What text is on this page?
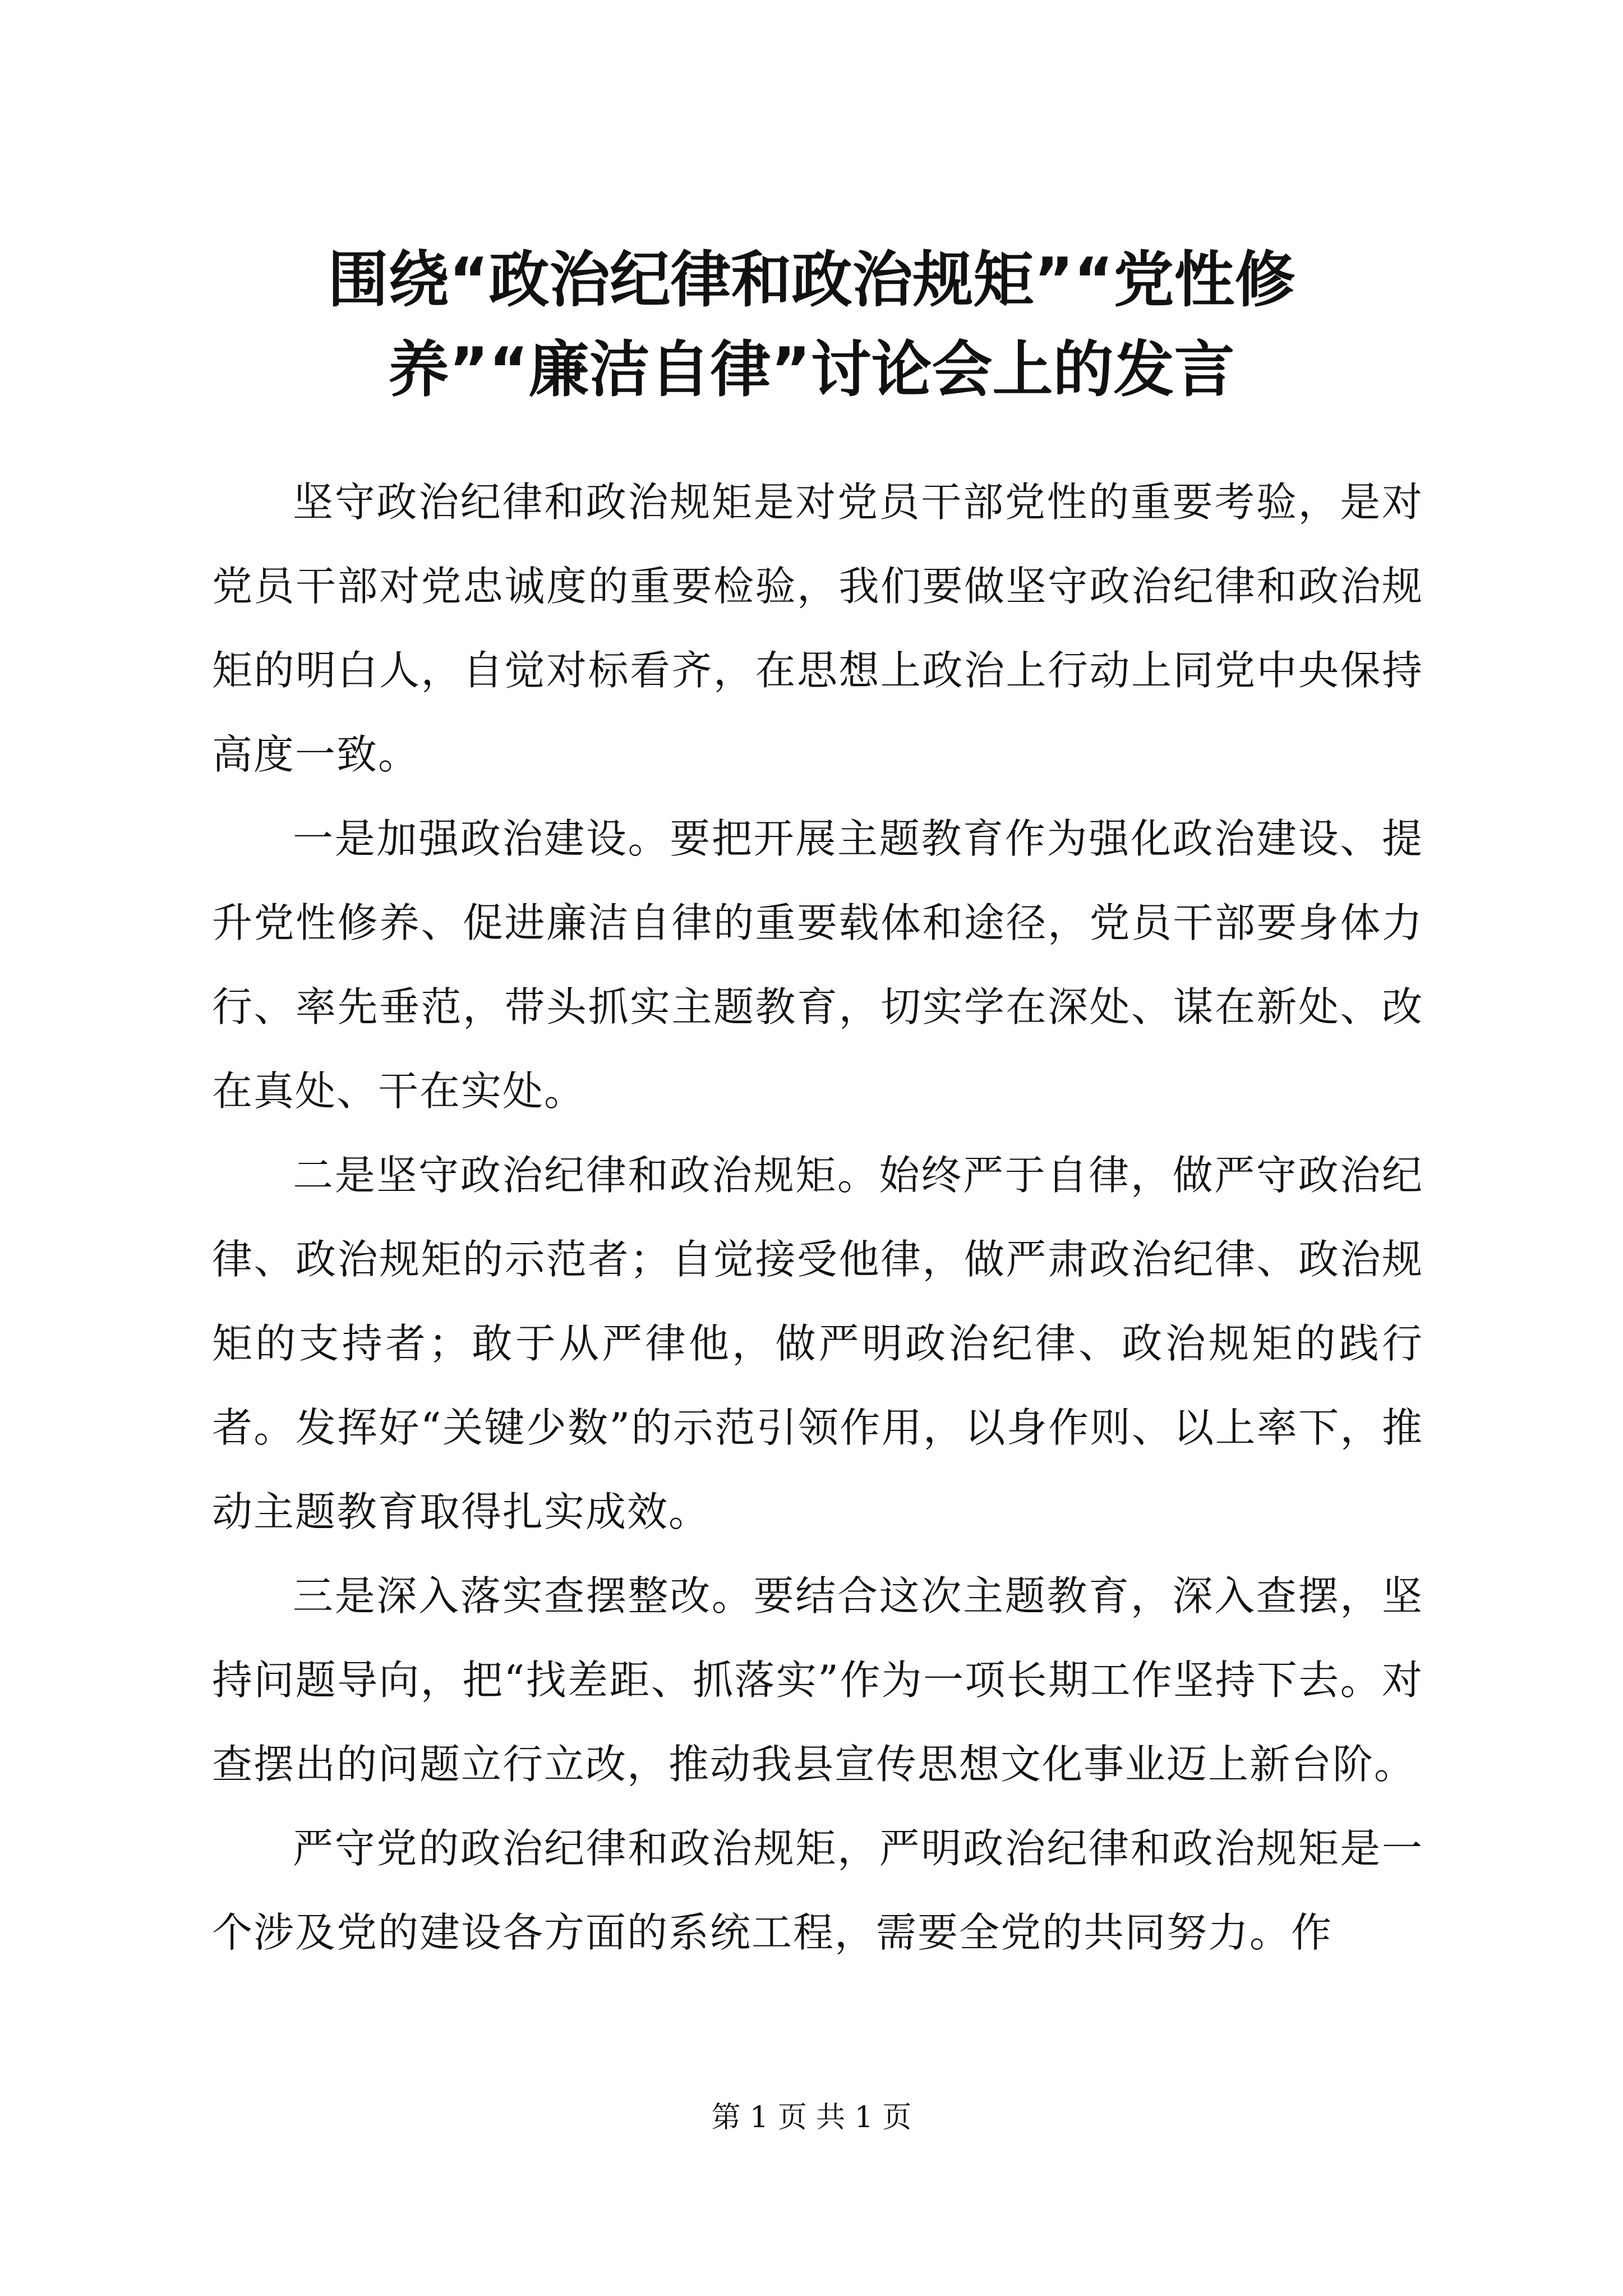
围绕“政治纪律和政治规矩”“党性修
养”“廉洁自律”讨论会上的发言

坚守政治纪律和政治规矩是对党员干部党性的重要考验，是对党员干部对党忠诚度的重要检验，我们要做坚守政治纪律和政治规矩的明白人，自觉对标看齐，在思想上政治上行动上同党中央保持高度一致。

一是加强政治建设。要把开展主题教育作为强化政治建设、提升党性修养、促进廉洁自律的重要载体和途径，党员干部要身体力行、率先垂范，带头抓实主题教育，切实学在深处、谋在新处、改在真处、干在实处。

二是坚守政治纪律和政治规矩。始终严于自律，做严守政治纪律、政治规矩的示范者；自觉接受他律，做严肃政治纪律、政治规矩的支持者；敢于从严律他，做严明政治纪律、政治规矩的践行者。发挥好“关键少数”的示范引领作用，以身作则、以上率下，推动主题教育取得扎实成效。

三是深入落实查摆整改。要结合这次主题教育，深入查摆，坚持问题导向，把“找差距、抓落实”作为一项长期工作坚持下去。对查摆出的问题立行立改，推动我县宣传思想文化事业迈上新台阶。

严守党的政治纪律和政治规矩，严明政治纪律和政治规矩是一个涉及党的建设各方面的系统工程，需要全党的共同努力。作

第 1 页 共 1 页
